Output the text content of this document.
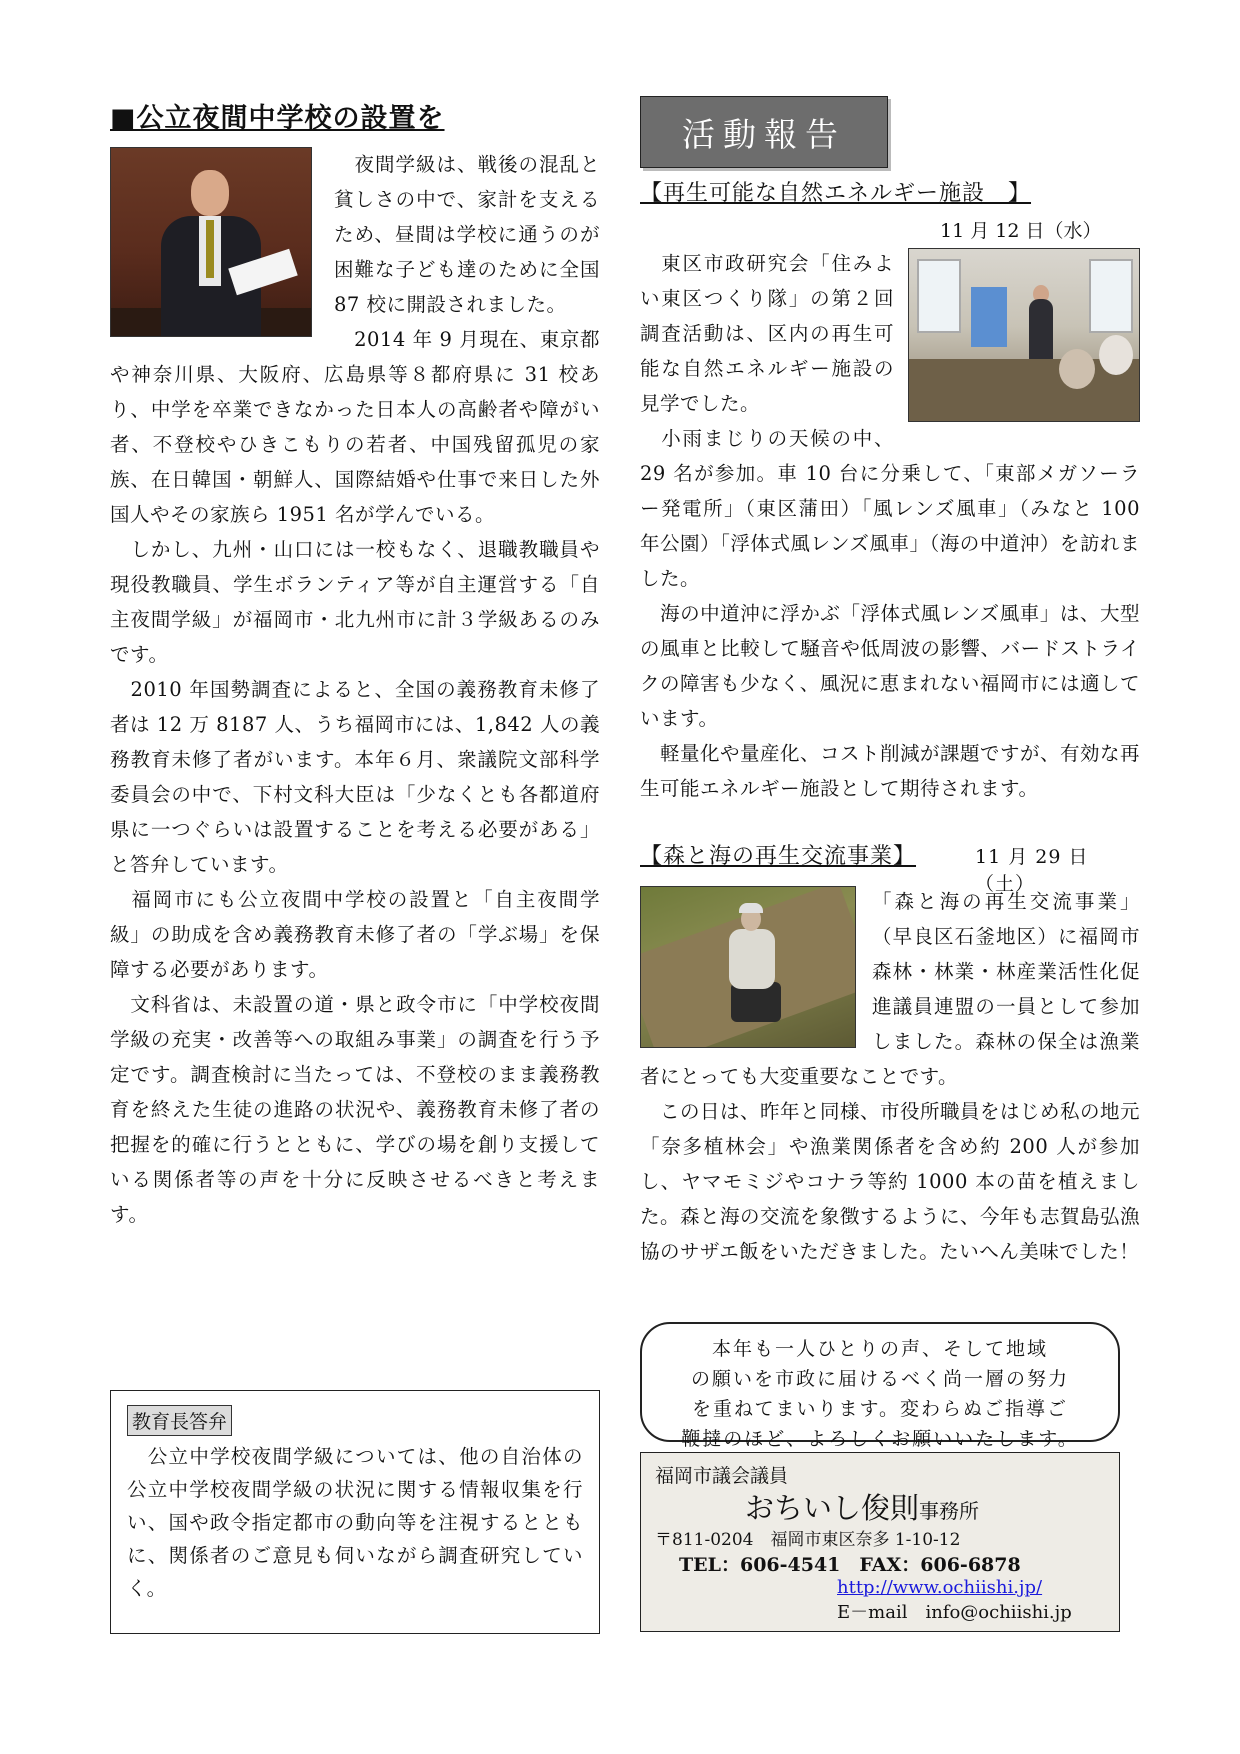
■公立夜間中学校の設置を

　夜間学級は、戦後の混乱と貧しさの中で、家計を支えるため、昼間は学校に通うのが困難な子ども達のために全国 87 校に開設されました。

　2014 年 9 月現在、東京都や神奈川県、大阪府、広島県等８都府県に 31 校あり、中学を卒業できなかった日本人の高齢者や障がい者、不登校やひきこもりの若者、中国残留孤児の家族、在日韓国・朝鮮人、国際結婚や仕事で来日した外国人やその家族ら 1951 名が学んでいる。

　しかし、九州・山口には一校もなく、退職教職員や現役教職員、学生ボランティア等が自主運営する「自主夜間学級」が福岡市・北九州市に計３学級あるのみです。

　2010 年国勢調査によると、全国の義務教育未修了者は 12 万 8187 人、うち福岡市には、1,842 人の義務教育未修了者がいます。本年６月、衆議院文部科学委員会の中で、下村文科大臣は「少なくとも各都道府県に一つぐらいは設置することを考える必要がある」と答弁しています。

　福岡市にも公立夜間中学校の設置と「自主夜間学級」の助成を含め義務教育未修了者の「学ぶ場」を保障する必要があります。

　文科省は、未設置の道・県と政令市に「中学校夜間学級の充実・改善等への取組み事業」の調査を行う予定です。調査検討に当たっては、不登校のまま義務教育を終えた生徒の進路の状況や、義務教育未修了者の把握を的確に行うとともに、学びの場を創り支援している関係者等の声を十分に反映させるべきと考えます。

教育長答弁

　公立中学校夜間学級については、他の自治体の公立中学校夜間学級の状況に関する情報収集を行い、国や政令指定都市の動向等を注視するとともに、関係者のご意見も伺いながら調査研究していく。

活動報告
【再生可能な自然エネルギー施設　】
11 月 12 日（水）

　東区市政研究会「住みよい東区つくり隊」の第２回調査活動は、区内の再生可能な自然エネルギー施設の見学でした。

　小雨まじりの天候の中、29 名が参加。車 10 台に分乗して、「東部メガソーラー発電所」（東区蒲田）「風レンズ風車」（みなと 100 年公園）「浮体式風レンズ風車」（海の中道沖）を訪れました。

　海の中道沖に浮かぶ「浮体式風レンズ風車」は、大型の風車と比較して騒音や低周波の影響、バードストライクの障害も少なく、風況に恵まれない福岡市には適しています。

　軽量化や量産化、コスト削減が課題ですが、有効な再生可能エネルギー施設として期待されます。

【森と海の再生交流事業】	11 月 29 日（土）

「森と海の再生交流事業」（早良区石釜地区）に福岡市森林・林業・林産業活性化促進議員連盟の一員として参加しました。森林の保全は漁業者にとっても大変重要なことです。

　この日は、昨年と同様、市役所職員をはじめ私の地元「奈多植林会」や漁業関係者を含め約 200 人が参加し、ヤマモミジやコナラ等約 1000 本の苗を植えました。森と海の交流を象徴するように、今年も志賀島弘漁協のサザエ飯をいただきました。たいへん美味でした！

本年も一人ひとりの声、そして地域
の願いを市政に届けるべく尚一層の努力
を重ねてまいります。変わらぬご指導ご
鞭撻のほど、よろしくお願いいたします。
福岡市議会議員
おちいし俊則事務所
〒811-0204　福岡市東区奈多 1-10-12
TEL：606-4541　FAX：606-6878
http://www.ochiishi.jp/
E－mail　info@ochiishi.jp
